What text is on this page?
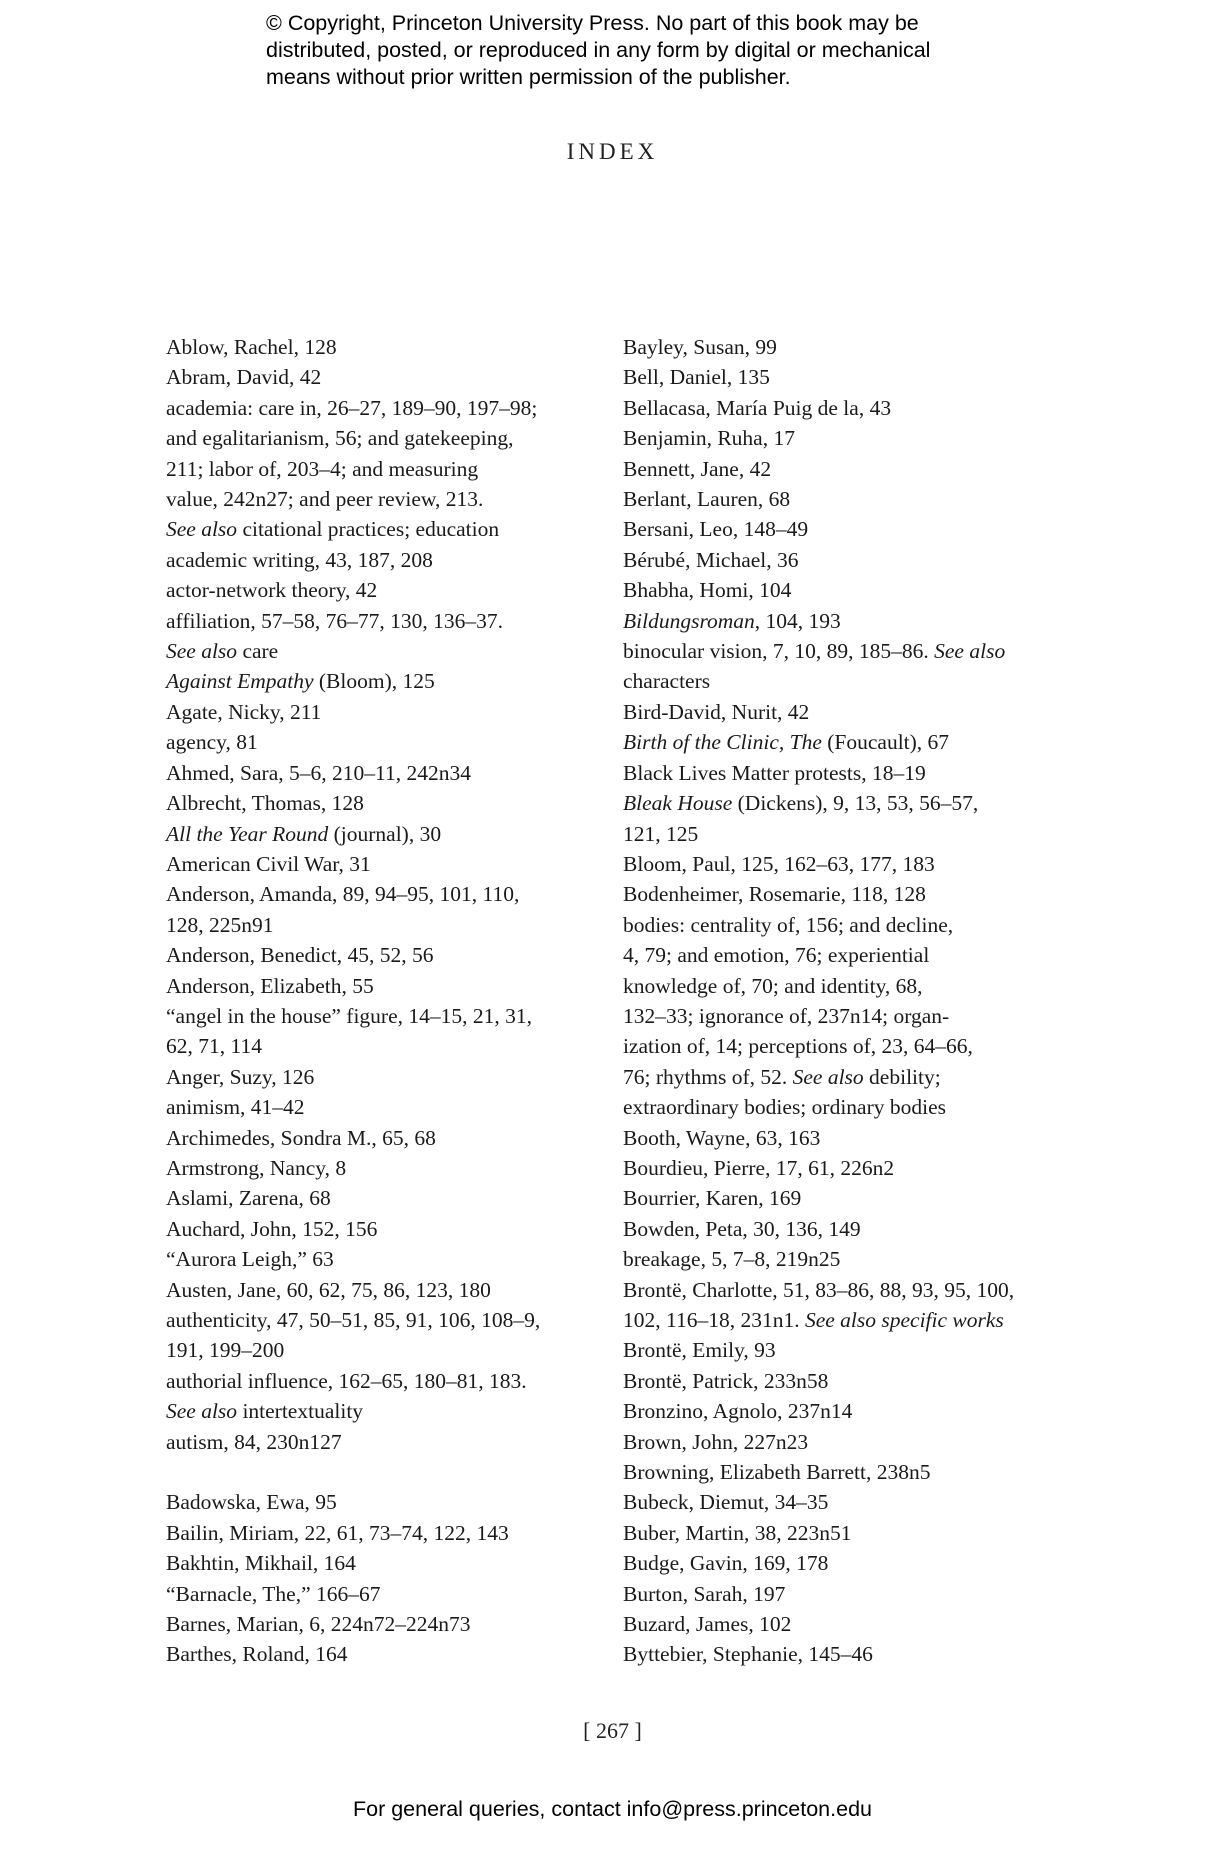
© Copyright, Princeton University Press. No part of this book may be
distributed, posted, or reproduced in any form by digital or mechanical
means without prior written permission of the publisher.
INDEX
Ablow, Rachel, 128
Abram, David, 42
academia: care in, 26–27, 189–90, 197–98;
and egalitarianism, 56; and gatekeeping,
211; labor of, 203–4; and measuring
value, 242n27; and peer review, 213.
See also citational practices; education
academic writing, 43, 187, 208
actor-network theory, 42
affiliation, 57–58, 76–77, 130, 136–37.
See also care
Against Empathy (Bloom), 125
Agate, Nicky, 211
agency, 81
Ahmed, Sara, 5–6, 210–11, 242n34
Albrecht, Thomas, 128
All the Year Round (journal), 30
American Civil War, 31
Anderson, Amanda, 89, 94–95, 101, 110,
128, 225n91
Anderson, Benedict, 45, 52, 56
Anderson, Elizabeth, 55
“angel in the house” figure, 14–15, 21, 31,
62, 71, 114
Anger, Suzy, 126
animism, 41–42
Archimedes, Sondra M., 65, 68
Armstrong, Nancy, 8
Aslami, Zarena, 68
Auchard, John, 152, 156
“Aurora Leigh,” 63
Austen, Jane, 60, 62, 75, 86, 123, 180
authenticity, 47, 50–51, 85, 91, 106, 108–9,
191, 199–200
authorial influence, 162–65, 180–81, 183.
See also intertextuality
autism, 84, 230n127
Badowska, Ewa, 95
Bailin, Miriam, 22, 61, 73–74, 122, 143
Bakhtin, Mikhail, 164
“Barnacle, The,” 166–67
Barnes, Marian, 6, 224n72–224n73
Barthes, Roland, 164
Bayley, Susan, 99
Bell, Daniel, 135
Bellacasa, María Puig de la, 43
Benjamin, Ruha, 17
Bennett, Jane, 42
Berlant, Lauren, 68
Bersani, Leo, 148–49
Bérubé, Michael, 36
Bhabha, Homi, 104
Bildungsroman, 104, 193
binocular vision, 7, 10, 89, 185–86. See also
characters
Bird-David, Nurit, 42
Birth of the Clinic, The (Foucault), 67
Black Lives Matter protests, 18–19
Bleak House (Dickens), 9, 13, 53, 56–57,
121, 125
Bloom, Paul, 125, 162–63, 177, 183
Bodenheimer, Rosemarie, 118, 128
bodies: centrality of, 156; and decline,
4, 79; and emotion, 76; experiential
knowledge of, 70; and identity, 68,
132–33; ignorance of, 237n14; organ-
ization of, 14; perceptions of, 23, 64–66,
76; rhythms of, 52. See also debility;
extraordinary bodies; ordinary bodies
Booth, Wayne, 63, 163
Bourdieu, Pierre, 17, 61, 226n2
Bourrier, Karen, 169
Bowden, Peta, 30, 136, 149
breakage, 5, 7–8, 219n25
Brontë, Charlotte, 51, 83–86, 88, 93, 95, 100,
102, 116–18, 231n1. See also specific works
Brontë, Emily, 93
Brontë, Patrick, 233n58
Bronzino, Agnolo, 237n14
Brown, John, 227n23
Browning, Elizabeth Barrett, 238n5
Bubeck, Diemut, 34–35
Buber, Martin, 38, 223n51
Budge, Gavin, 169, 178
Burton, Sarah, 197
Buzard, James, 102
Byttebier, Stephanie, 145–46
[ 267 ]
For general queries, contact info@press.princeton.edu
